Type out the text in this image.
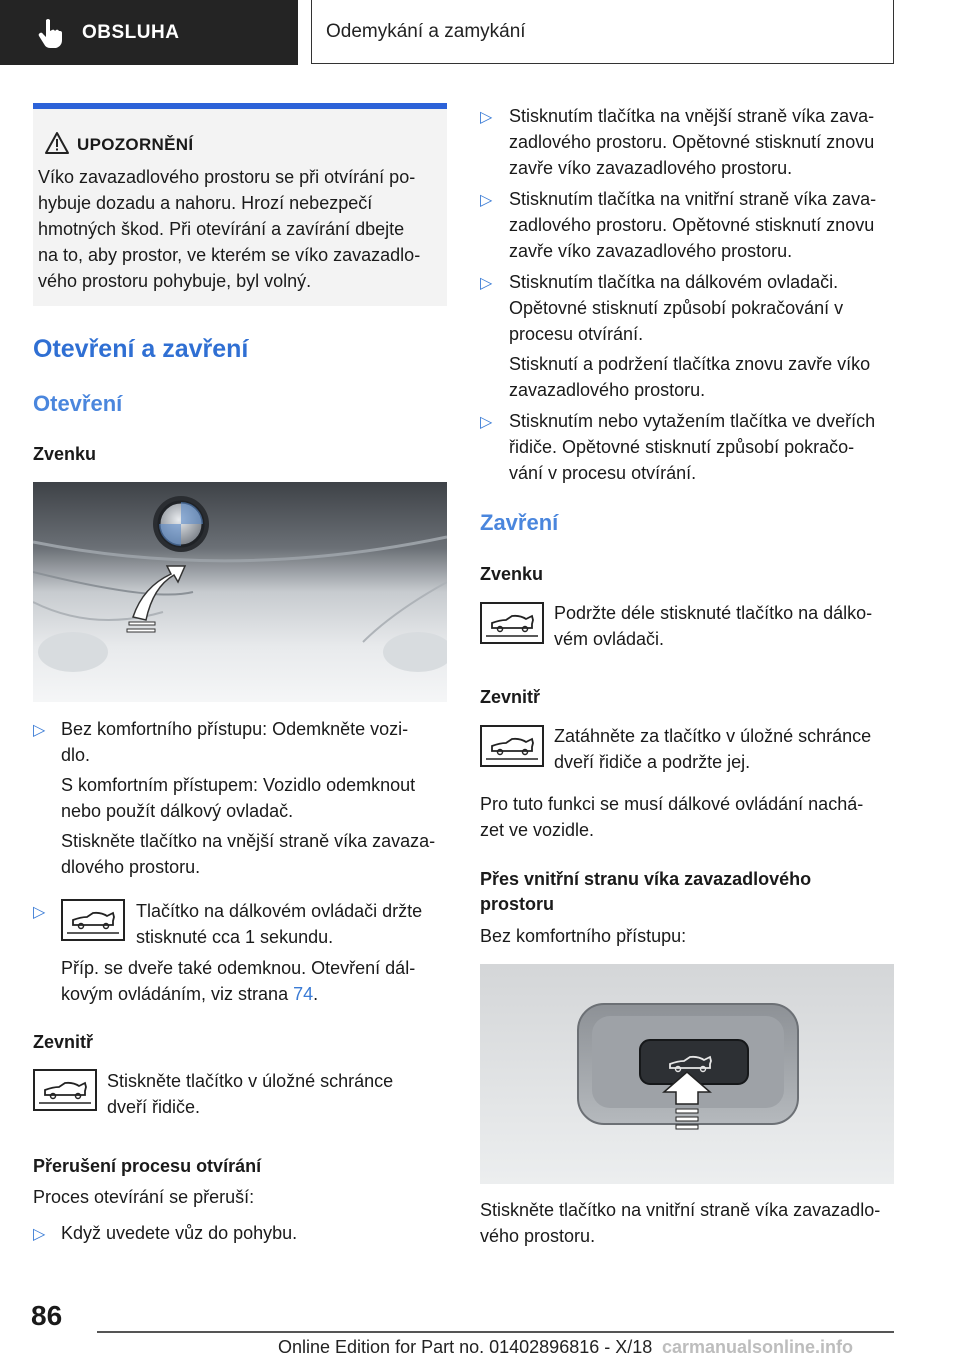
OBSLUHA	Odemykání a zamykání
UPOZORNĚNÍ
Víko zavazadlového prostoru se při otvírání po-
hybuje dozadu a nahoru. Hrozí nebezpečí
hmotných škod. Při otevírání a zavírání dbejte
na to, aby prostor, ve kterém se víko zavazadlo-
vého prostoru pohybuje, byl volný.
Otevření a zavření
Otevření
Zvenku
▷ Bez komfortního přístupu: Odemkněte vozi-
dlo.
S komfortním přístupem: Vozidlo odemknout
nebo použít dálkový ovladač.
Stiskněte tlačítko na vnější straně víka zavaza-
dlového prostoru.
▷	Tlačítko na dálkovém ovládači držte
stisknuté cca 1 sekundu.
Příp. se dveře také odemknou. Otevření dál-
kovým ovládáním, viz strana 74.
Zevnitř
Stiskněte tlačítko v úložné schránce
dveří řidiče.
Přerušení procesu otvírání
Proces otevírání se přeruší:
▷ Když uvedete vůz do pohybu.
▷ Stisknutím tlačítka na vnější straně víka zava-
zadlového prostoru. Opětovné stisknutí znovu
zavře víko zavazadlového prostoru.
▷ Stisknutím tlačítka na vnitřní straně víka zava-
zadlového prostoru. Opětovné stisknutí znovu
zavře víko zavazadlového prostoru.
▷ Stisknutím tlačítka na dálkovém ovladači.
Opětovné stisknutí způsobí pokračování v
procesu otvírání.
Stisknutí a podržení tlačítka znovu zavře víko
zavazadlového prostoru.
▷ Stisknutím nebo vytažením tlačítka ve dveřích
řidiče. Opětovné stisknutí způsobí pokračo-
vání v procesu otvírání.
Zavření
Zvenku
Podržte déle stisknuté tlačítko na dálko-
vém ovládači.
Zevnitř
Zatáhněte za tlačítko v úložné schránce
dveří řidiče a podržte jej.
Pro tuto funkci se musí dálkové ovládání nachá-
zet ve vozidle.
Přes vnitřní stranu víka zavazadlového
prostoru
Bez komfortního přístupu:
Stiskněte tlačítko na vnitřní straně víka zavazadlo-
vého prostoru.
86
Online Edition for Part no. 01402896816 - X/18 carmanualsonline.info
